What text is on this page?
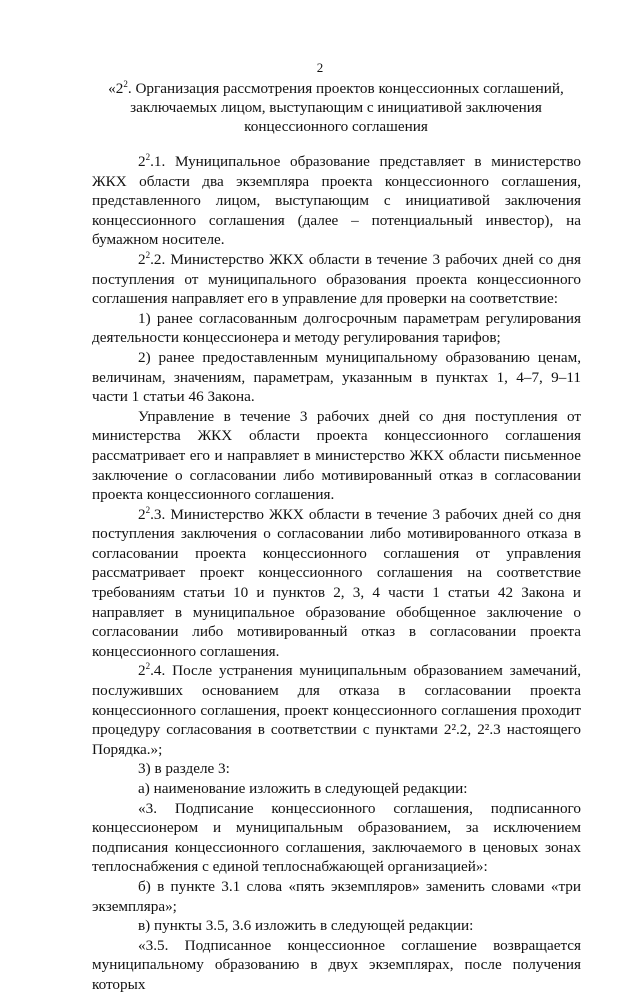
2
«$2^2$. Организация рассмотрения проектов концессионных соглашений, заключаемых лицом, выступающим с инициативой заключения концессионного соглашения

$2^2.1$. Муниципальное образование представляет в министерство ЖКХ области два экземпляра проекта концессионного соглашения, представленного лицом, выступающим с инициативой заключения концессионного соглашения (далее – потенциальный инвестор), на бумажном носителе.

$2^2.2$. Министерство ЖКХ области в течение 3 рабочих дней со дня поступления от муниципального образования проекта концессионного соглашения направляет его в управление для проверки на соответствие:

1) ранее согласованным долгосрочным параметрам регулирования деятельности концессионера и методу регулирования тарифов;

2) ранее предоставленным муниципальному образованию ценам, величинам, значениям, параметрам, указанным в пунктах 1, 4–7, 9–11 части 1 статьи 46 Закона.

Управление в течение 3 рабочих дней со дня поступления от министерства ЖКХ области проекта концессионного соглашения рассматривает его и направляет в министерство ЖКХ области письменное заключение о согласовании либо мотивированный отказ в согласовании проекта концессионного соглашения.

$2^2.3$. Министерство ЖКХ области в течение 3 рабочих дней со дня поступления заключения о согласовании либо мотивированного отказа в согласовании проекта концессионного соглашения от управления рассматривает проект концессионного соглашения на соответствие требованиям статьи 10 и пунктов 2, 3, 4 части 1 статьи 42 Закона и направляет в муниципальное образование обобщенное заключение о согласовании либо мотивированный отказ в согласовании проекта концессионного соглашения.

$2^2.4$. После устранения муниципальным образованием замечаний, послуживших основанием для отказа в согласовании проекта концессионного соглашения, проект концессионного соглашения проходит процедуру согласования в соответствии с пунктами 2².2, 2².3 настоящего Порядка.»;

3) в разделе 3:

а) наименование изложить в следующей редакции:

«3. Подписание концессионного соглашения, подписанного концессионером и муниципальным образованием, за исключением подписания концессионного соглашения, заключаемого в ценовых зонах теплоснабжения с единой теплоснабжающей организацией»:

б) в пункте 3.1 слова «пять экземпляров» заменить словами «три экземпляра»;

в) пункты 3.5, 3.6 изложить в следующей редакции:

«3.5. Подписанное концессионное соглашение возвращается муниципальному образованию в двух экземплярах, после получения которых
